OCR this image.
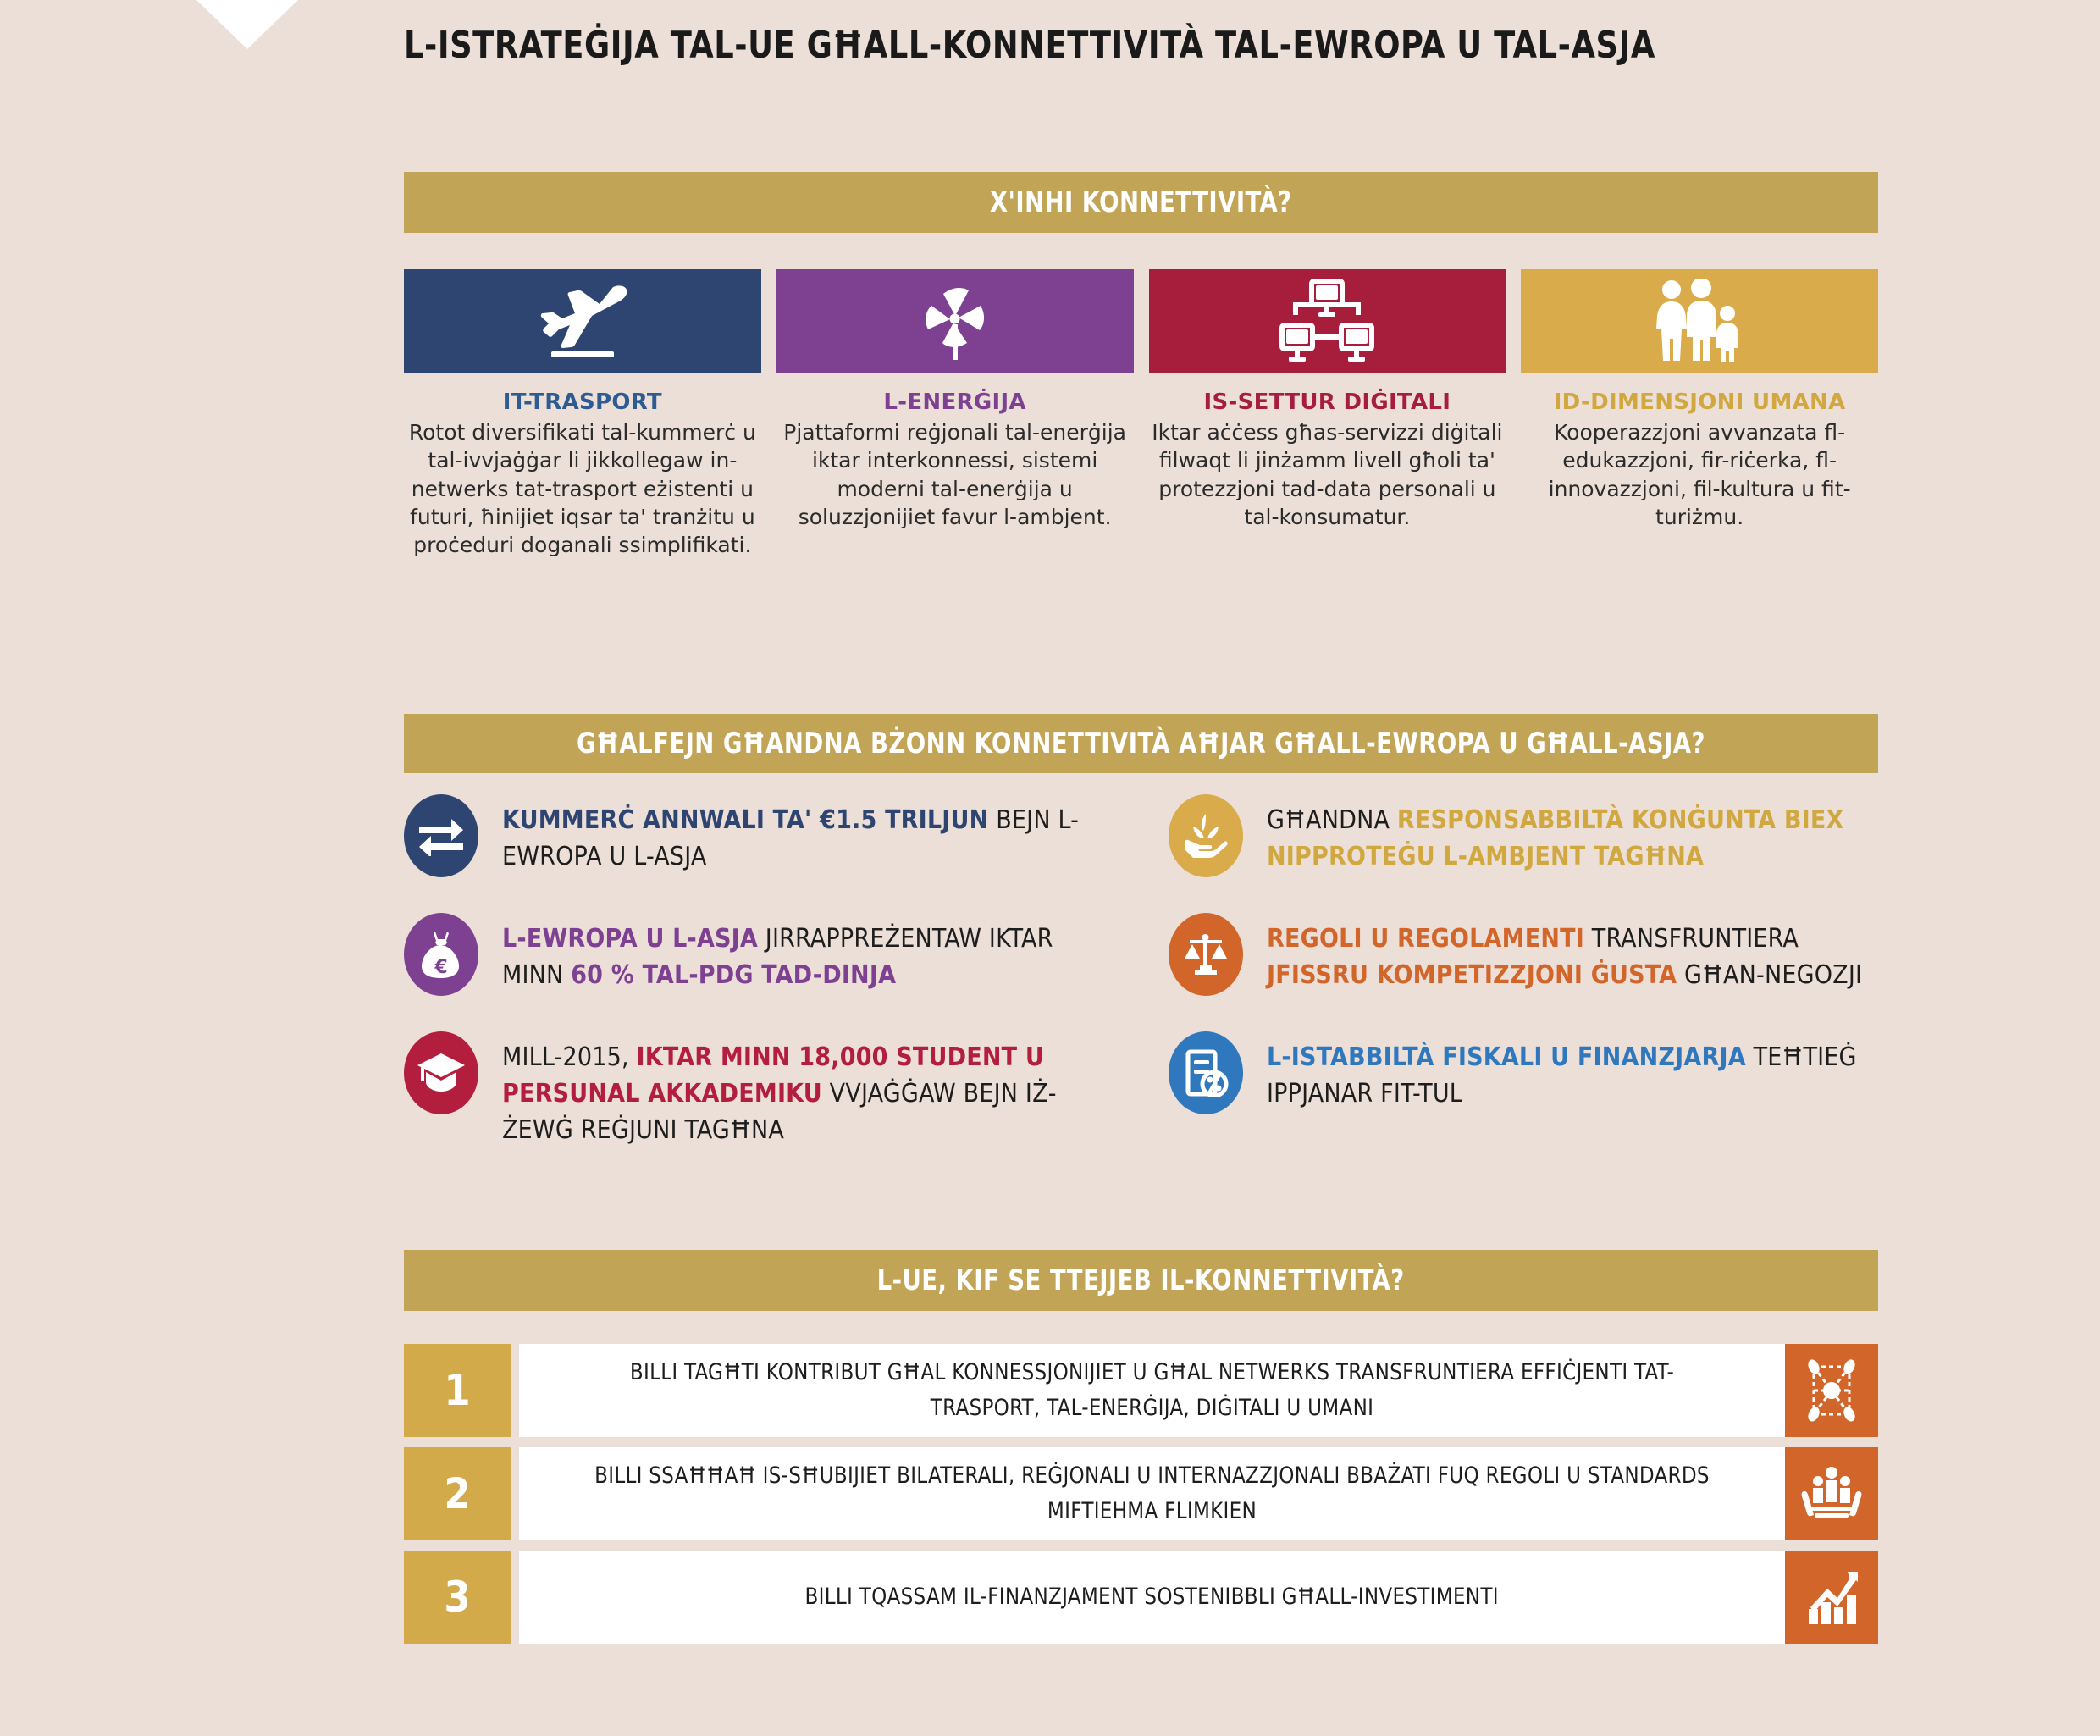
L-ISTRATEĠIJA TAL-UE GĦALL-KONNETTIVITÀ TAL-EWROPA U TAL-ASJA
X'INHI KONNETTIVITÀ?
IT-TRASPORT
Rotot diversifikati tal-kummerċ u tal-ivvjaġġar li jikkollegaw in-netwerks tat-trasport eżistenti u futuri, ħinijiet iqsar ta' tranżitu u proċeduri doganali ssimplifikati.
L-ENERĠIJA
Pjattaformi reġjonali tal-enerġija iktar interkonnessi, sistemi moderni tal-enerġija u soluzzjonijiet favur l-ambjent.
IS-SETTUR DIĠITALI
Iktar aċċess għas-servizzi diġitali filwaqt li jinżamm livell għoli ta' protezzjoni tad-data personali u tal-konsumatur.
ID-DIMENSJONI UMANA
Kooperazzjoni avvanzata fl-edukazzjoni, fir-riċerka, fl-innovazzjoni, fil-kultura u fit-turiżmu.
GĦALFEJN GĦANDNA BŻONN KONNETTIVITÀ AĦJAR GĦALL-EWROPA U GĦALL-ASJA?
KUMMERĊ ANNWALI TA' €1.5 TRILJUN BEJN L-EWROPA U L-ASJA
€
L-EWROPA U L-ASJA JIRRAPPREŻENTAW IKTAR MINN 60 % TAL-PDG TAD-DINJA
MILL-2015, IKTAR MINN 18,000 STUDENT U PERSUNAL AKKADEMIKU VVJAĠĠAW BEJN IŻ-ŻEWĠ REĠJUNI TAGĦNA
GĦANDNA RESPONSABBILTÀ KONĠUNTA BIEX NIPPROTEĠU L-AMBJENT TAGĦNA
REGOLI U REGOLAMENTI TRANSFRUNTIERA JFISSRU KOMPETIZZJONI ĠUSTA GĦAN-NEGOZJI
L-ISTABBILTÀ FISKALI U FINANZJARJA TEĦTIEĠ IPPJANAR FIT-TUL
L-UE, KIF SE TTEJJEB IL-KONNETTIVITÀ?
1	BILLI TAGĦTI KONTRIBUT GĦAL KONNESSJONIJIET U GĦAL NETWERKS TRANSFRUNTIERA EFFIĊJENTI TAT-TRASPORT, TAL-ENERĠIJA, DIĠITALI U UMANI
2	BILLI SSAĦĦAĦ IS-SĦUBIJIET BILATERALI, REĠJONALI U INTERNAZZJONALI BBAŻATI FUQ REGOLI U STANDARDS MIFTIEHMA FLIMKIEN
3	BILLI TQASSAM IL-FINANZJAMENT SOSTENIBBLI GĦALL-INVESTIMENTI
